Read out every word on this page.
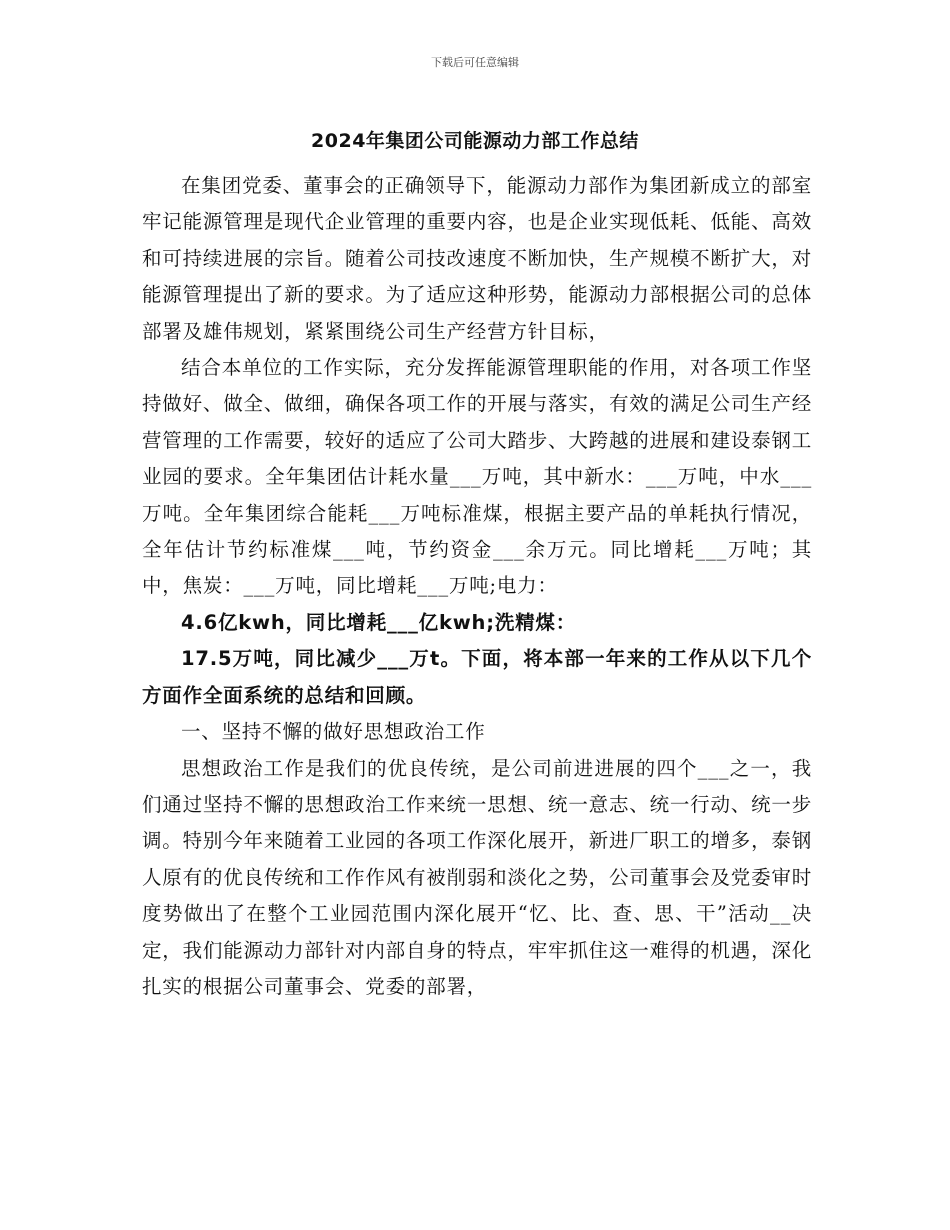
下载后可任意编辑
2024年集团公司能源动力部工作总结

在集团党委、董事会的正确领导下，能源动力部作为集团新成立的部室牢记能源管理是现代企业管理的重要内容，也是企业实现低耗、低能、高效和可持续进展的宗旨。随着公司技改速度不断加快，生产规模不断扩大，对能源管理提出了新的要求。为了适应这种形势，能源动力部根据公司的总体部署及雄伟规划，紧紧围绕公司生产经营方针目标，

结合本单位的工作实际，充分发挥能源管理职能的作用，对各项工作坚持做好、做全、做细，确保各项工作的开展与落实，有效的满足公司生产经营管理的工作需要，较好的适应了公司大踏步、大跨越的进展和建设泰钢工业园的要求。全年集团估计耗水量___万吨，其中新水：___万吨，中水___万吨。全年集团综合能耗___万吨标准煤，根据主要产品的单耗执行情况，全年估计节约标准煤___吨，节约资金___余万元。同比增耗___万吨；其中，焦炭：___万吨，同比增耗___万吨;电力：

4.6亿kwh，同比增耗___亿kwh;洗精煤：

17.5万吨，同比减少___万t。下面，将本部一年来的工作从以下几个方面作全面系统的总结和回顾。

一、坚持不懈的做好思想政治工作

思想政治工作是我们的优良传统，是公司前进进展的四个___之一，我们通过坚持不懈的思想政治工作来统一思想、统一意志、统一行动、统一步调。特别今年来随着工业园的各项工作深化展开，新进厂职工的增多，泰钢人原有的优良传统和工作作风有被削弱和淡化之势，公司董事会及党委审时度势做出了在整个工业园范围内深化展开“忆、比、查、思、干”活动__决定，我们能源动力部针对内部自身的特点，牢牢抓住这一难得的机遇，深化扎实的根据公司董事会、党委的部署，
